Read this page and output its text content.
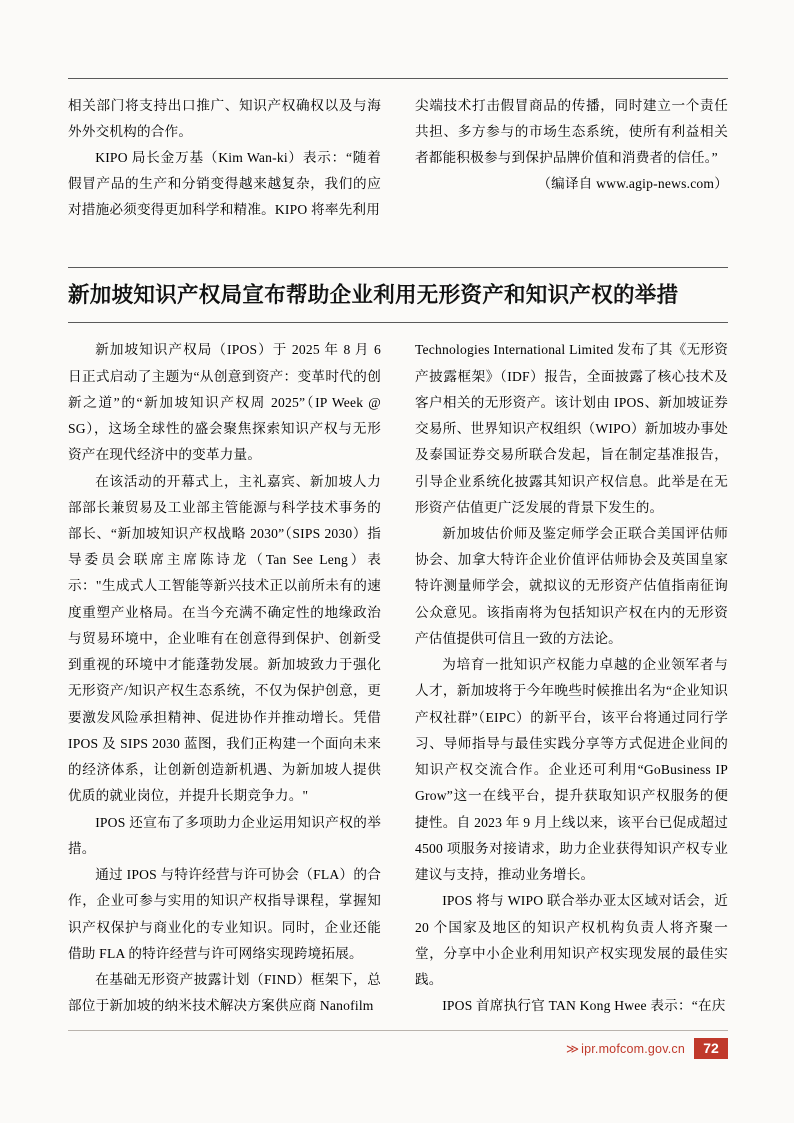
相关部门将支持出口推广、知识产权确权以及与海外外交机构的合作。

KIPO 局长金万基（Kim Wan-ki）表示：“随着假冒产品的生产和分销变得越来越复杂，我们的应对措施必须变得更加科学和精准。KIPO 将率先利用

尖端技术打击假冒商品的传播，同时建立一个责任共担、多方参与的市场生态系统，使所有利益相关者都能积极参与到保护品牌价值和消费者的信任。”

（编译自 www.agip-news.com）

新加坡知识产权局宣布帮助企业利用无形资产和知识产权的举措

新加坡知识产权局（IPOS）于 2025 年 8 月 6 日正式启动了主题为“从创意到资产：变革时代的创新之道”的“新加坡知识产权周 2025”（IP Week @ SG），这场全球性的盛会聚焦探索知识产权与无形资产在现代经济中的变革力量。

在该活动的开幕式上，主礼嘉宾、新加坡人力部部长兼贸易及工业部主管能源与科学技术事务的部长、“新加坡知识产权战略 2030”（SIPS 2030）指导委员会联席主席陈诗龙（Tan See Leng）表示："生成式人工智能等新兴技术正以前所未有的速度重塑产业格局。在当今充满不确定性的地缘政治与贸易环境中，企业唯有在创意得到保护、创新受到重视的环境中才能蓬勃发展。新加坡致力于强化无形资产/知识产权生态系统，不仅为保护创意，更要激发风险承担精神、促进协作并推动增长。凭借 IPOS 及 SIPS 2030 蓝图，我们正构建一个面向未来的经济体系，让创新创造新机遇、为新加坡人提供优质的就业岗位，并提升长期竞争力。"

IPOS 还宣布了多项助力企业运用知识产权的举措。

通过 IPOS 与特许经营与许可协会（FLA）的合作，企业可参与实用的知识产权指导课程，掌握知识产权保护与商业化的专业知识。同时，企业还能借助 FLA 的特许经营与许可网络实现跨境拓展。

在基础无形资产披露计划（FIND）框架下，总部位于新加坡的纳米技术解决方案供应商 Nanofilm

Technologies International Limited 发布了其《无形资产披露框架》（IDF）报告，全面披露了核心技术及客户相关的无形资产。该计划由 IPOS、新加坡证券交易所、世界知识产权组织（WIPO）新加坡办事处及泰国证券交易所联合发起，旨在制定基准报告，引导企业系统化披露其知识产权信息。此举是在无形资产估值更广泛发展的背景下发生的。

新加坡估价师及鉴定师学会正联合美国评估师协会、加拿大特许企业价值评估师协会及英国皇家特许测量师学会，就拟议的无形资产估值指南征询公众意见。该指南将为包括知识产权在内的无形资产估值提供可信且一致的方法论。

为培育一批知识产权能力卓越的企业领军者与人才，新加坡将于今年晚些时候推出名为“企业知识产权社群”（EIPC）的新平台，该平台将通过同行学习、导师指导与最佳实践分享等方式促进企业间的知识产权交流合作。企业还可利用“GoBusiness IP Grow”这一在线平台，提升获取知识产权服务的便捷性。自 2023 年 9 月上线以来，该平台已促成超过 4500 项服务对接请求，助力企业获得知识产权专业建议与支持，推动业务增长。

IPOS 将与 WIPO 联合举办亚太区域对话会，近 20 个国家及地区的知识产权机构负责人将齐聚一堂，分享中小企业利用知识产权实现发展的最佳实践。

IPOS 首席执行官 TAN Kong Hwee 表示：“在庆

≫ ipr.mofcom.gov.cn	72
